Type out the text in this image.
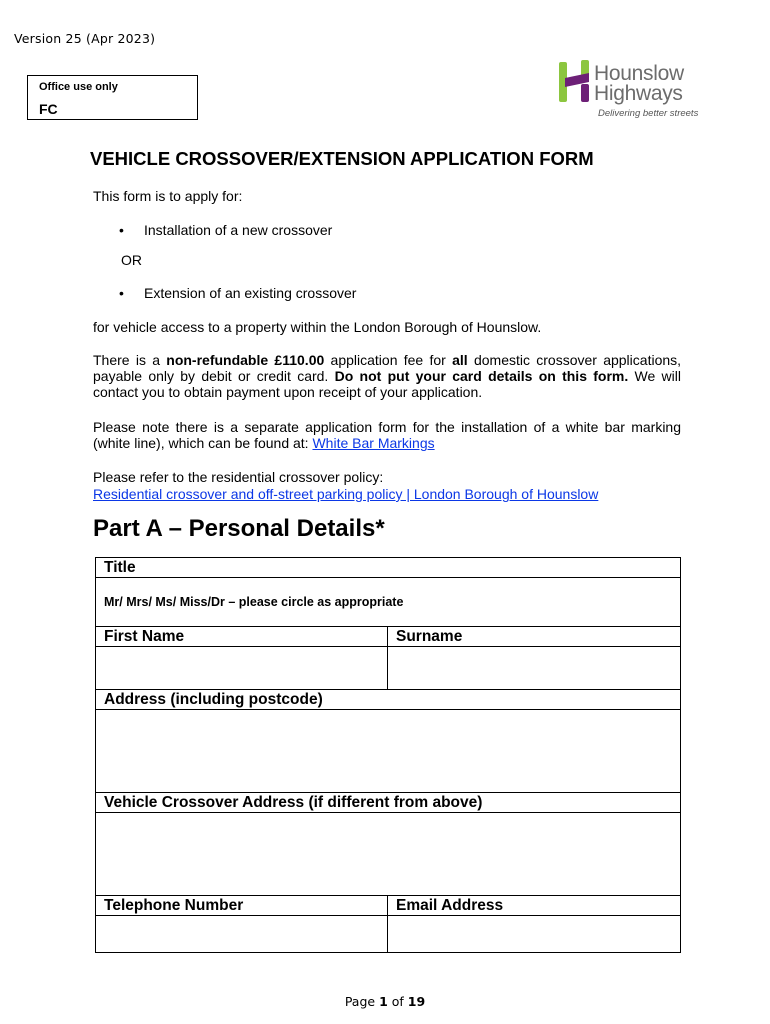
Version 25 (Apr 2023)
Office use only
FC
Hounslow
Highways
Delivering better streets
VEHICLE CROSSOVER/EXTENSION APPLICATION FORM
This form is to apply for:
• Installation of a new crossover
OR
• Extension of an existing crossover
for vehicle access to a property within the London Borough of Hounslow.
There is a non-refundable £110.00 application fee for all domestic crossover applications, payable only by debit or credit card. Do not put your card details on this form. We will contact you to obtain payment upon receipt of your application.
Please note there is a separate application form for the installation of a white bar marking (white line), which can be found at: White Bar Markings
Please refer to the residential crossover policy:
Residential crossover and off-street parking policy | London Borough of Hounslow
Part A – Personal Details*
Title	
Mr/ Mrs/ Ms/ Miss/Dr – please circle as appropriate	
First Name	Surname

Address (including postcode)	

Vehicle Crossover Address (if different from above)	

Telephone Number	Email Address

Page 1 of 19
